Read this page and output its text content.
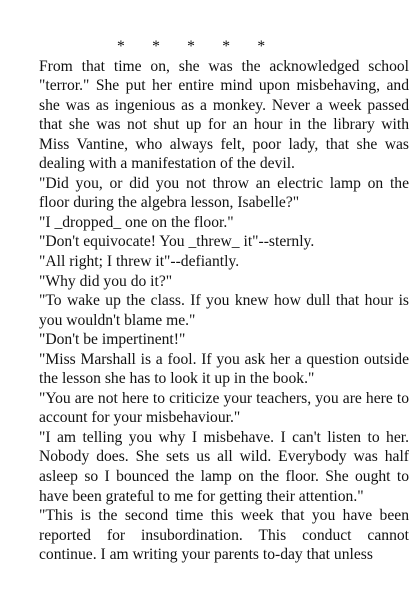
*       *       *       *       *

From that time on, she was the acknowledged school "terror." She put her entire mind upon misbehaving, and she was as ingenious as a monkey. Never a week passed that she was not shut up for an hour in the library with Miss Vantine, who always felt, poor lady, that she was dealing with a manifestation of the devil.

"Did you, or did you not throw an electric lamp on the floor during the algebra lesson, Isabelle?"

"I _dropped_ one on the floor."

"Don't equivocate! You _threw_ it"--sternly.

"All right; I threw it"--defiantly.

"Why did you do it?"

"To wake up the class. If you knew how dull that hour is you wouldn't blame me."

"Don't be impertinent!"

"Miss Marshall is a fool. If you ask her a question outside the lesson she has to look it up in the book."

"You are not here to criticize your teachers, you are here to account for your misbehaviour."

"I am telling you why I misbehave. I can't listen to her. Nobody does. She sets us all wild. Everybody was half asleep so I bounced the lamp on the floor. She ought to have been grateful to me for getting their attention."

"This is the second time this week that you have been reported for insubordination. This conduct cannot continue. I am writing your parents to-day that unless
